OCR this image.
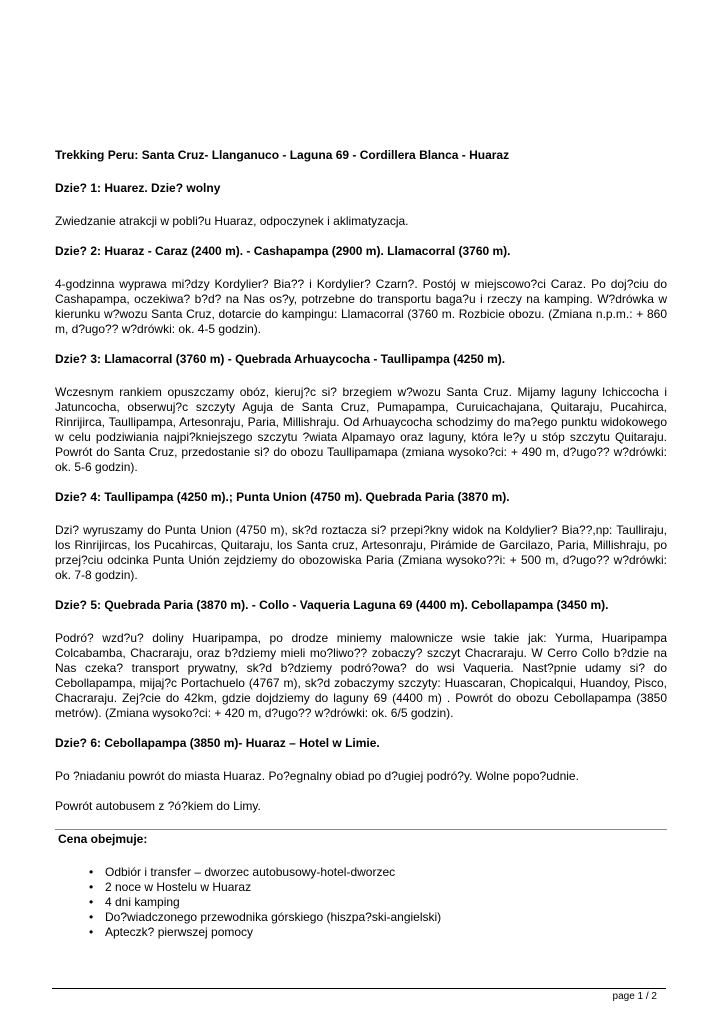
Trekking Peru: Santa Cruz- Llanganuco - Laguna 69 - Cordillera Blanca - Huaraz

Dzie? 1: Huarez. Dzie? wolny

Zwiedzanie atrakcji w pobli?u Huaraz, odpoczynek i aklimatyzacja.

Dzie? 2: Huaraz - Caraz (2400 m). - Cashapampa (2900 m). Llamacorral (3760 m).

4-godzinna wyprawa mi?dzy Kordylier? Bia?? i Kordylier? Czarn?. Postój w miejscowo?ci Caraz. Po doj?ciu do Cashapampa, oczekiwa? b?d? na Nas os?y, potrzebne do transportu baga?u i rzeczy na kamping. W?drówka w kierunku w?wozu Santa Cruz, dotarcie do kampingu: Llamacorral (3760 m. Rozbicie obozu. (Zmiana n.p.m.: + 860 m, d?ugo?? w?drówki: ok. 4-5 godzin).

Dzie? 3: Llamacorral (3760 m) - Quebrada Arhuaycocha - Taullipampa (4250 m).

Wczesnym rankiem opuszczamy obóz, kieruj?c si? brzegiem w?wozu Santa Cruz. Mijamy laguny Ichiccocha i Jatuncocha, obserwuj?c szczyty Aguja de Santa Cruz, Pumapampa, Curuicachajana, Quitaraju, Pucahirca, Rinrijirca, Taullipampa, Artesonraju, Paria, Millishraju. Od Arhuaycocha schodzimy do ma?ego punktu widokowego w celu podziwiania najpi?kniejszego szczytu ?wiata Alpamayo oraz laguny, która le?y u stóp szczytu Quitaraju. Powrót do Santa Cruz, przedostanie si? do obozu Taullipamapa (zmiana wysoko?ci: + 490 m, d?ugo?? w?drówki: ok. 5-6 godzin).

Dzie? 4: Taullipampa (4250 m).; Punta Union (4750 m). Quebrada Paria (3870 m).

Dzi? wyruszamy do Punta Union (4750 m), sk?d roztacza si? przepi?kny widok na Koldylier? Bia??,np: Taulliraju, los Rinrijircas, los Pucahircas, Quitaraju, los Santa cruz, Artesonraju, Pirámide de Garcilazo, Paria, Millishraju, po przej?ciu odcinka Punta Unión zejdziemy do obozowiska Paria (Zmiana wysoko??i: + 500 m, d?ugo?? w?drówki: ok. 7-8 godzin).

Dzie? 5: Quebrada Paria (3870 m). - Collo - Vaqueria Laguna 69 (4400 m). Cebollapampa (3450 m).

Podró? wzd?u? doliny Huaripampa, po drodze miniemy malownicze wsie takie jak: Yurma, Huaripampa Colcabamba, Chacraraju, oraz b?dziemy mieli mo?liwo?? zobaczy? szczyt Chacraraju. W Cerro Collo b?dzie na Nas czeka? transport prywatny, sk?d b?dziemy podró?owa? do wsi Vaqueria. Nast?pnie udamy si? do Cebollapampa, mijaj?c Portachuelo (4767 m), sk?d zobaczymy szczyty: Huascaran, Chopicalqui, Huandoy, Pisco, Chacraraju. Zej?cie do 42km, gdzie dojdziemy do laguny 69 (4400 m) . Powrót do obozu Cebollapampa (3850 metrów). (Zmiana wysoko?ci: + 420 m, d?ugo?? w?drówki: ok. 6/5 godzin).

Dzie? 6: Cebollapampa (3850 m)- Huaraz – Hotel w Limie.

Po ?niadaniu powrót do miasta Huaraz. Po?egnalny obiad po d?ugiej podró?y. Wolne popo?udnie.

Powrót autobusem z ?ó?kiem do Limy.

Cena obejmuje:

• Odbiór i transfer – dworzec autobusowy-hotel-dworzec
• 2 noce w Hostelu w Huaraz
• 4 dni kamping
• Do?wiadczonego przewodnika górskiego (hiszpa?ski-angielski)
• Apteczk? pierwszej pomocy
page 1 / 2
